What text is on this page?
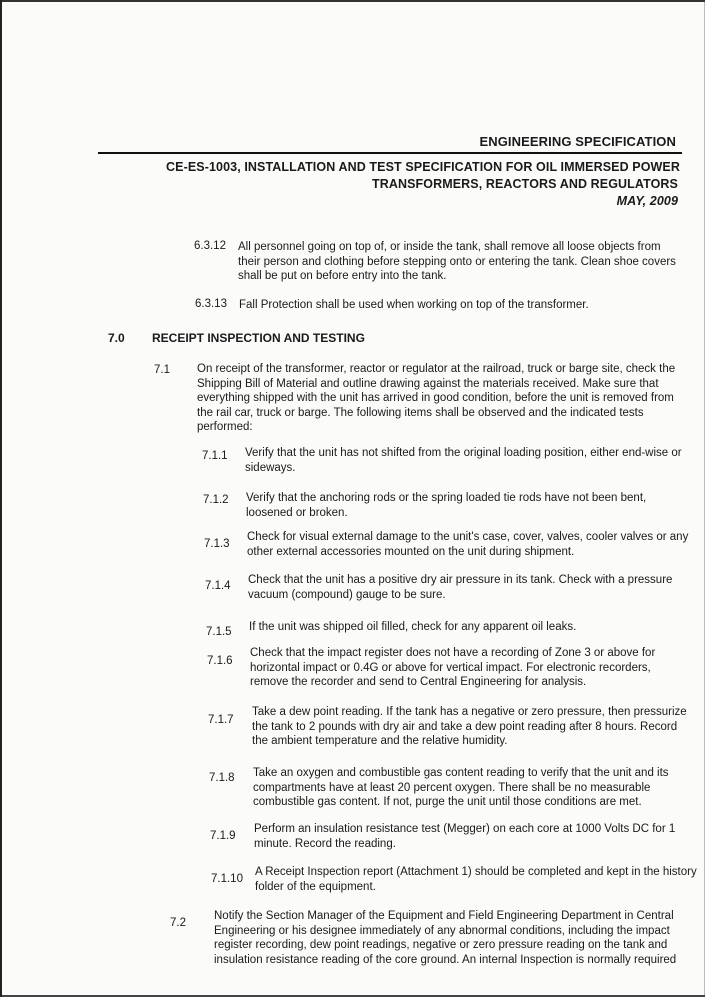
ENGINEERING SPECIFICATION
CE-ES-1003, INSTALLATION AND TEST SPECIFICATION FOR OIL IMMERSED POWER
TRANSFORMERS, REACTORS AND REGULATORS
MAY, 2009
6.3.12 All personnel going on top of, or inside the tank, shall remove all loose objects from their person and clothing before stepping onto or entering the tank. Clean shoe covers shall be put on before entry into the tank.
6.3.13 Fall Protection shall be used when working on top of the transformer.
7.0 RECEIPT INSPECTION AND TESTING
7.1 On receipt of the transformer, reactor or regulator at the railroad, truck or barge site, check the Shipping Bill of Material and outline drawing against the materials received. Make sure that everything shipped with the unit has arrived in good condition, before the unit is removed from the rail car, truck or barge. The following items shall be observed and the indicated tests performed:
7.1.1 Verify that the unit has not shifted from the original loading position, either end-wise or sideways.
7.1.2 Verify that the anchoring rods or the spring loaded tie rods have not been bent, loosened or broken.
7.1.3
Check for visual external damage to the unit's case, cover, valves, cooler valves or any other external accessories mounted on the unit during shipment.
7.1.4 Check that the unit has a positive dry air pressure in its tank. Check with a pressure vacuum (compound) gauge to be sure.
7.1.5 If the unit was shipped oil filled, check for any apparent oil leaks.
7.1.6
Check that the impact register does not have a recording of Zone 3 or above for horizontal impact or 0.4G or above for vertical impact. For electronic recorders, remove the recorder and send to Central Engineering for analysis.
7.1.7
Take a dew point reading. If the tank has a negative or zero pressure, then pressurize the tank to 2 pounds with dry air and take a dew point reading after 8 hours. Record the ambient temperature and the relative humidity.
7.1.8 Take an oxygen and combustible gas content reading to verify that the unit and its compartments have at least 20 percent oxygen. There shall be no measurable combustible gas content. If not, purge the unit until those conditions are met.
7.1.9
Perform an insulation resistance test (Megger) on each core at 1000 Volts DC for 1 minute. Record the reading.
7.1.10
A Receipt Inspection report (Attachment 1) should be completed and kept in the history folder of the equipment.
7.2
Notify the Section Manager of the Equipment and Field Engineering Department in Central Engineering or his designee immediately of any abnormal conditions, including the impact register recording, dew point readings, negative or zero pressure reading on the tank and insulation resistance reading of the core ground. An internal Inspection is normally required
